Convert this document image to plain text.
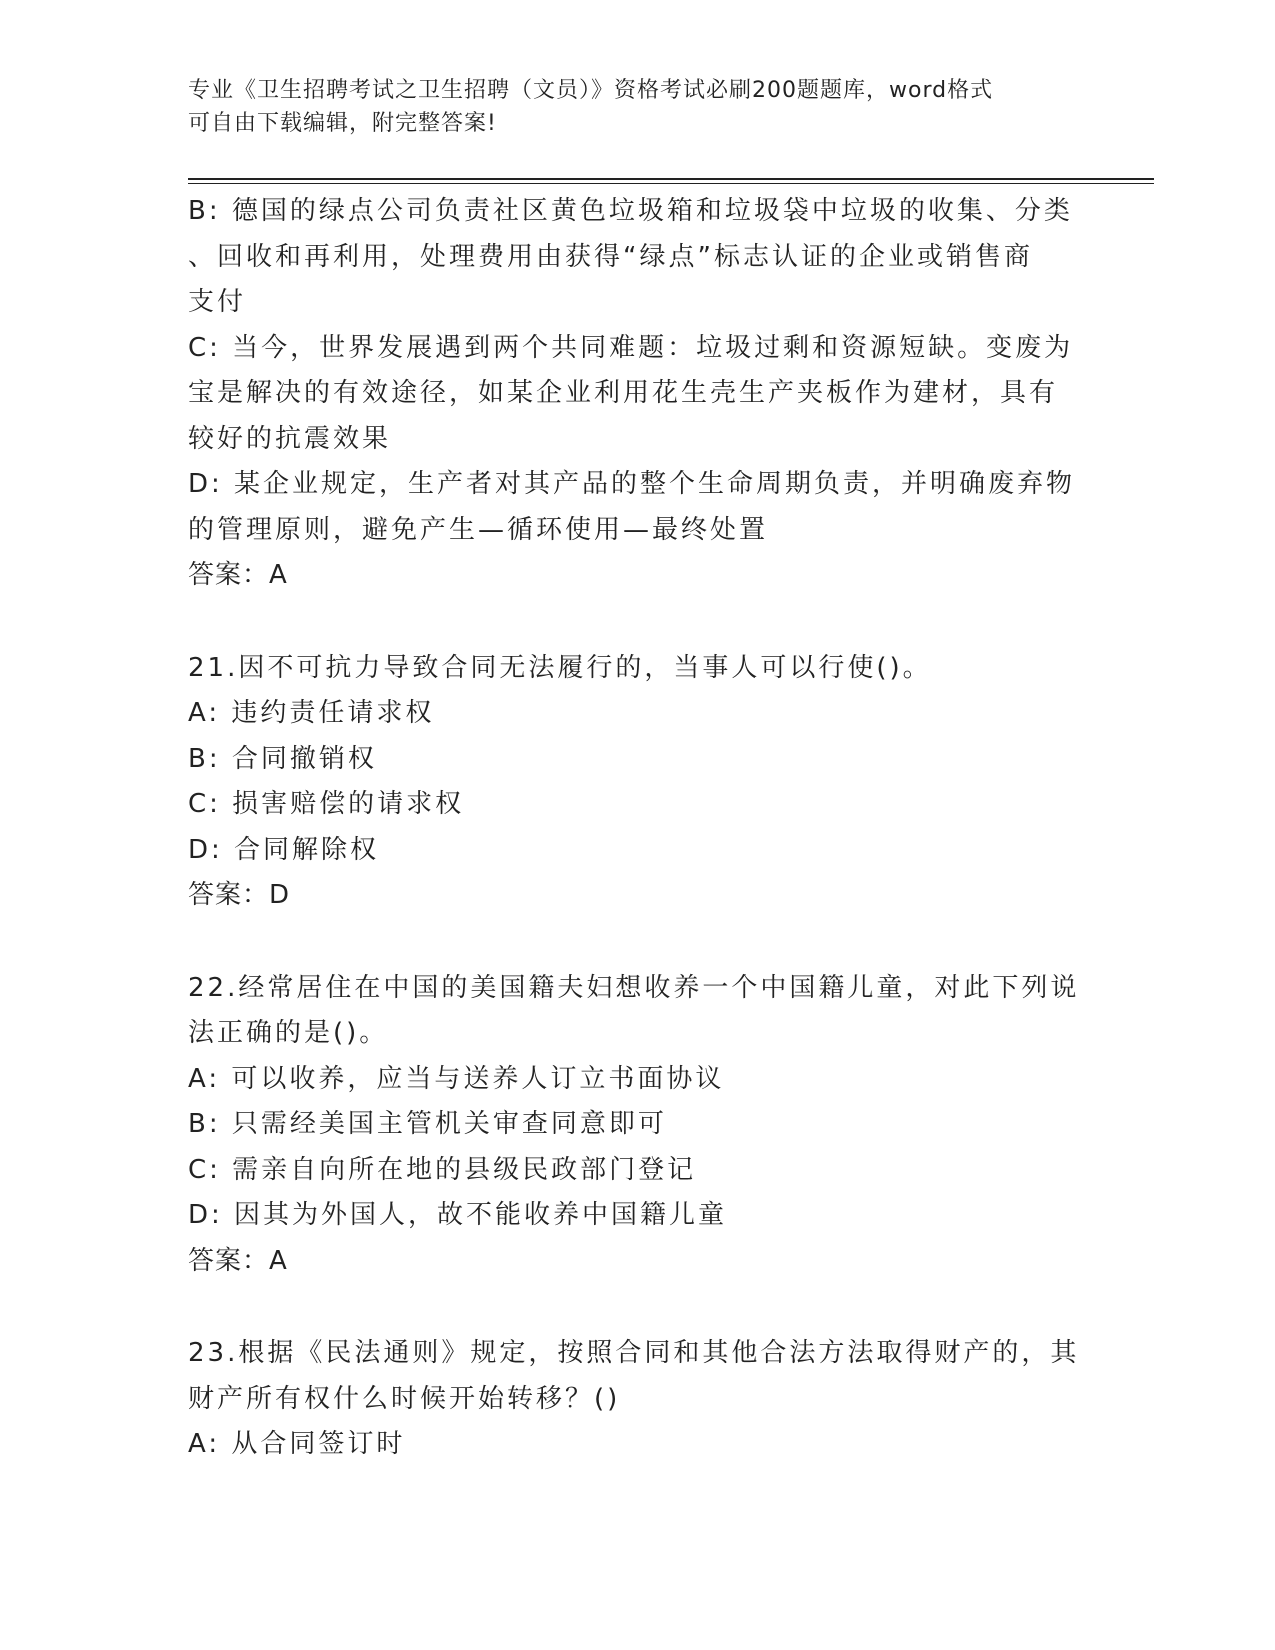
专业《卫生招聘考试之卫生招聘（文员）》资格考试必刷200题题库，word格式
可自由下载编辑，附完整答案!
B: 德国的绿点公司负责社区黄色垃圾箱和垃圾袋中垃圾的收集、分类
、回收和再利用，处理费用由获得“绿点”标志认证的企业或销售商
支付
C: 当今，世界发展遇到两个共同难题：垃圾过剩和资源短缺。变废为
宝是解决的有效途径，如某企业利用花生壳生产夹板作为建材，具有
较好的抗震效果
D: 某企业规定，生产者对其产品的整个生命周期负责，并明确废弃物
的管理原则，避免产生—循环使用—最终处置
答案：A
21.因不可抗力导致合同无法履行的，当事人可以行使()。
A: 违约责任请求权
B: 合同撤销权
C: 损害赔偿的请求权
D: 合同解除权
答案：D
22.经常居住在中国的美国籍夫妇想收养一个中国籍儿童，对此下列说
法正确的是()。
A: 可以收养，应当与送养人订立书面协议
B: 只需经美国主管机关审查同意即可
C: 需亲自向所在地的县级民政部门登记
D: 因其为外国人，故不能收养中国籍儿童
答案：A
23.根据《民法通则》规定，按照合同和其他合法方法取得财产的，其
财产所有权什么时候开始转移？()
A: 从合同签订时
